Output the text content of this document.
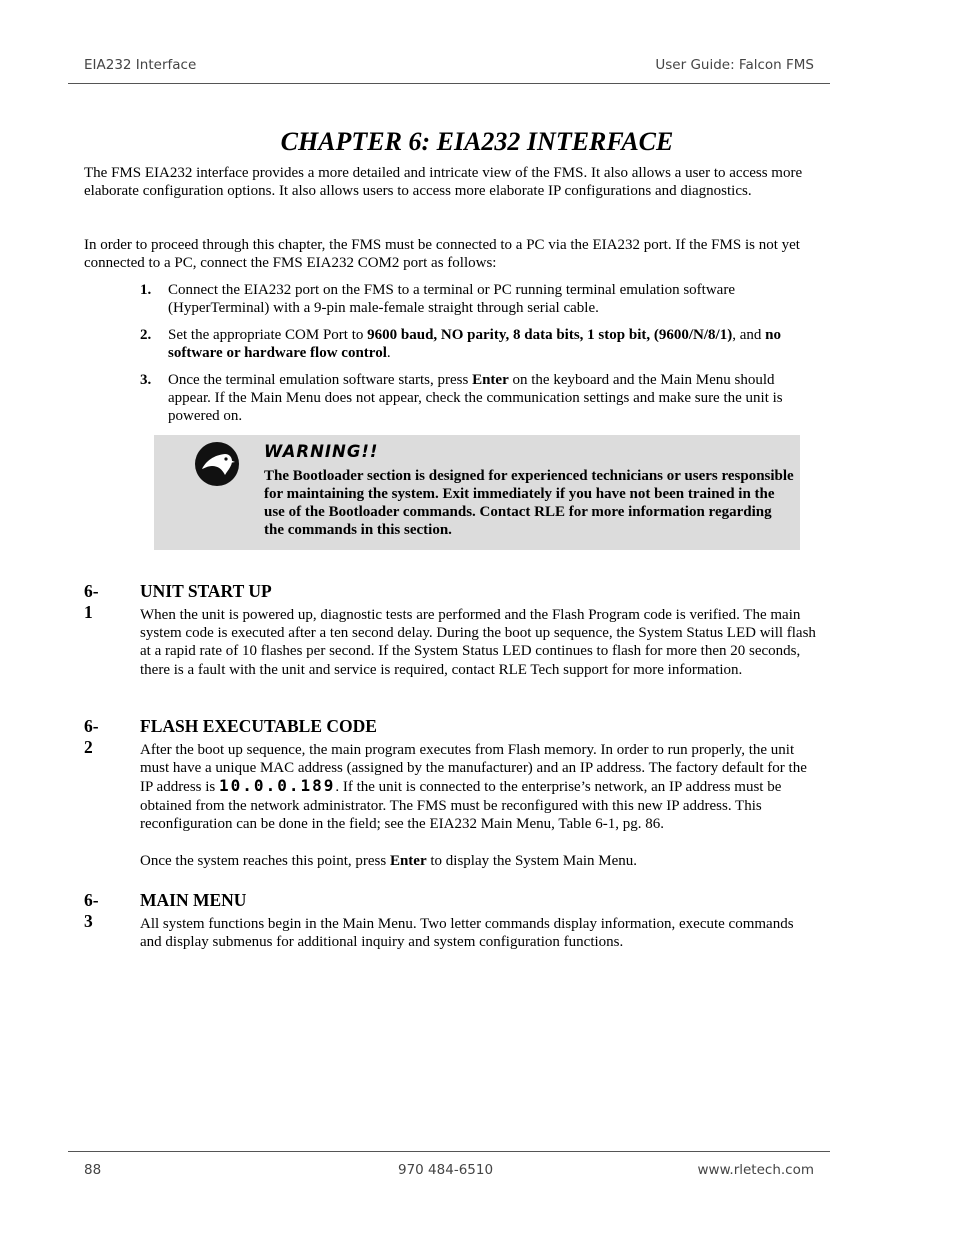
EIA232 Interface	User Guide: Falcon FMS
CHAPTER 6: EIA232 INTERFACE

The FMS EIA232 interface provides a more detailed and intricate view of the FMS. It also allows a user to access more elaborate configuration options. It also allows users to access more elaborate IP configurations and diagnostics.

In order to proceed through this chapter, the FMS must be connected to a PC via the EIA232 port. If the FMS is not yet connected to a PC, connect the FMS EIA232 COM2 port as follows:

1. Connect the EIA232 port on the FMS to a terminal or PC running terminal emulation software (HyperTerminal) with a 9-pin male-female straight through serial cable.
2. Set the appropriate COM Port to 9600 baud, NO parity, 8 data bits, 1 stop bit, (9600/N/8/1), and no software or hardware flow control.
3. Once the terminal emulation software starts, press Enter on the keyboard and the Main Menu should appear. If the Main Menu does not appear, check the communication settings and make sure the unit is powered on.
WARNING!!
The Bootloader section is designed for experienced technicians or users responsible for maintaining the system. Exit immediately if you have not been trained in the use of the Bootloader commands. Contact RLE for more information regarding the commands in this section.
6-1
UNIT START UP

When the unit is powered up, diagnostic tests are performed and the Flash Program code is verified. The main system code is executed after a ten second delay. During the boot up sequence, the System Status LED will flash at a rapid rate of 10 flashes per second. If the System Status LED continues to flash for more then 20 seconds, there is a fault with the unit and service is required, contact RLE Tech support for more information.

6-2
FLASH EXECUTABLE CODE

After the boot up sequence, the main program executes from Flash memory. In order to run properly, the unit must have a unique MAC address (assigned by the manufacturer) and an IP address. The factory default for the IP address is 10.0.0.189. If the unit is connected to the enterprise’s network, an IP address must be obtained from the network administrator. The FMS must be reconfigured with this new IP address. This reconfiguration can be done in the field; see the EIA232 Main Menu, Table 6-1, pg. 86.

Once the system reaches this point, press Enter to display the System Main Menu.

6-3
MAIN MENU

All system functions begin in the Main Menu. Two letter commands display information, execute commands and display submenus for additional inquiry and system configuration functions.

88	970 484-6510	www.rletech.com
